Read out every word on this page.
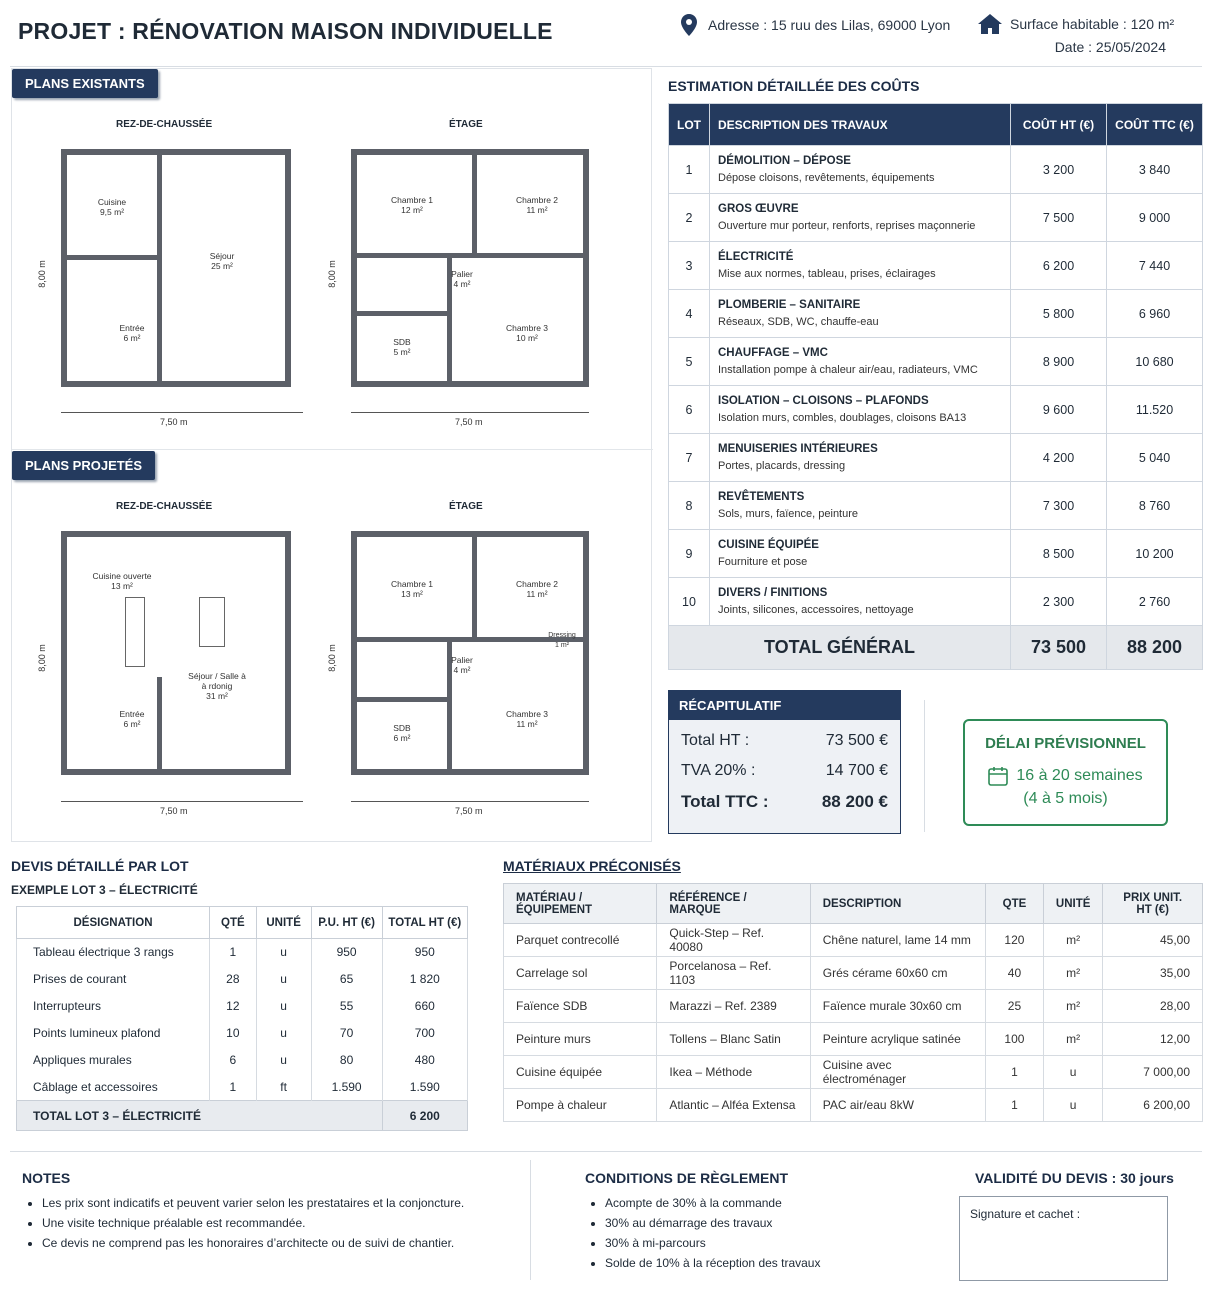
PROJET : RÉNOVATION MAISON INDIVIDUELLE	Adresse : 15 ruu des Lilas, 69000 Lyon	Surface habitable : 120 m²
Date : 25/05/2024
PLANS EXISTANTS
PLANS PROJETÉS
REZ-DE-CHAUSSÉE	ÉTAGE
Cuisine
9,5 m²
Séjour
25 m²
Entrée
6 m²
8,00 m
7,50 m
Chambre 1
12 m²
Chambre 2
11 m²
Palier
4 m²
SDB
5 m²
Chambre 3
10 m²
8,00 m
7,50 m
REZ-DE-CHAUSSÉE	ÉTAGE
Cuisine ouverte
13 m²
Séjour / Salle à
à rdonig
31 m²
Entrée
6 m²
8,00 m
7,50 m
Chambre 1
13 m²
Chambre 2
11 m²
Dressing
1 m²
Palier
4 m²
SDB
6 m²
Chambre 3
11 m²
8,00 m
7,50 m
ESTIMATION DÉTAILLÉE DES COÛTS
LOT	DESCRIPTION DES TRAVAUX	COÛT HT (€)	COÛT TTC (€)
1	DÉMOLITION – DÉPOSE
Dépose cloisons, revêtements, équipements	3 200	3 840
2	GROS ŒUVRE
Ouverture mur porteur, renforts, reprises maçonnerie	7 500	9 000
3	ÉLECTRICITÉ
Mise aux normes, tableau, prises, éclairages	6 200	7 440
4	PLOMBERIE – SANITAIRE
Réseaux, SDB, WC, chauffe-eau	5 800	6 960
5	CHAUFFAGE – VMC
Installation pompe à chaleur air/eau, radiateurs, VMC	8 900	10 680
6	ISOLATION – CLOISONS – PLAFONDS
Isolation murs, combles, doublages, cloisons BA13	9 600	11.520
7	MENUISERIES INTÉRIEURES
Portes, placards, dressing	4 200	5 040
8	REVÊTEMENTS
Sols, murs, faïence, peinture	7 300	8 760
9	CUISINE ÉQUIPÉE
Fourniture et pose	8 500	10 200
10	DIVERS / FINITIONS
Joints, silicones, accessoires, nettoyage	2 300	2 760
TOTAL GÉNÉRAL		73 500	88 200
RÉCAPITULATIF
Total HT :	73 500 €
TVA 20% :	14 700 €
Total TTC :	88 200 €
DÉLAI PRÉVISIONNEL
16 à 20 semaines
(4 à 5 mois)
DEVIS DÉTAILLÉ PAR LOT
EXEMPLE LOT 3 – ÉLECTRICITÉ
DÉSIGNATION	QTÉ	UNITÉ	P.U. HT (€)	TOTAL HT (€)
Tableau électrique 3 rangs	1	u	950	950
Prises de courant	28	u	65	1 820
Interrupteurs	12	u	55	660
Points lumineux plafond	10	u	70	700
Appliques murales	6	u	80	480
Câblage et accessoires	1	ft	1.590	1.590
TOTAL LOT 3 – ÉLECTRICITÉ				6 200
MATÉRIAUX PRÉCONISÉS
MATÉRIAU / ÉQUIPEMENT	RÉFÉRENCE / MARQUE	DESCRIPTION	QTE	UNITÉ	PRIX UNIT. HT (€)
Parquet contrecollé	Quick-Step – Ref. 40080	Chêne naturel, lame 14 mm	120	m²	45,00
Carrelage sol	Porcelanosa – Ref. 1103	Grés cérame 60x60 cm	40	m²	35,00
Faïence SDB	Marazzi – Ref. 2389	Faïence murale 30x60 cm	25	m²	28,00
Peinture murs	Tollens – Blanc Satin	Peinture acrylique satinée	100	m²	12,00
Cuisine équipée	Ikea – Méthode	Cuisine avec électroménager	1	u	7 000,00
Pompe à chaleur	Atlantic – Alféa Extensa	PAC air/eau 8kW	1	u	6 200,00
NOTES
• Les prix sont indicatifs et peuvent varier selon les prestataires et la conjoncture.
• Une visite technique préalable est recommandée.
• Ce devis ne comprend pas les honoraires d’architecte ou de suivi de chantier.
CONDITIONS DE RÈGLEMENT
• Acompte de 30% à la commande
• 30% au démarrage des travaux
• 30% à mi-parcours
• Solde de 10% à la réception des travaux
VALIDITÉ DU DEVIS : 30 jours
Signature et cachet :
